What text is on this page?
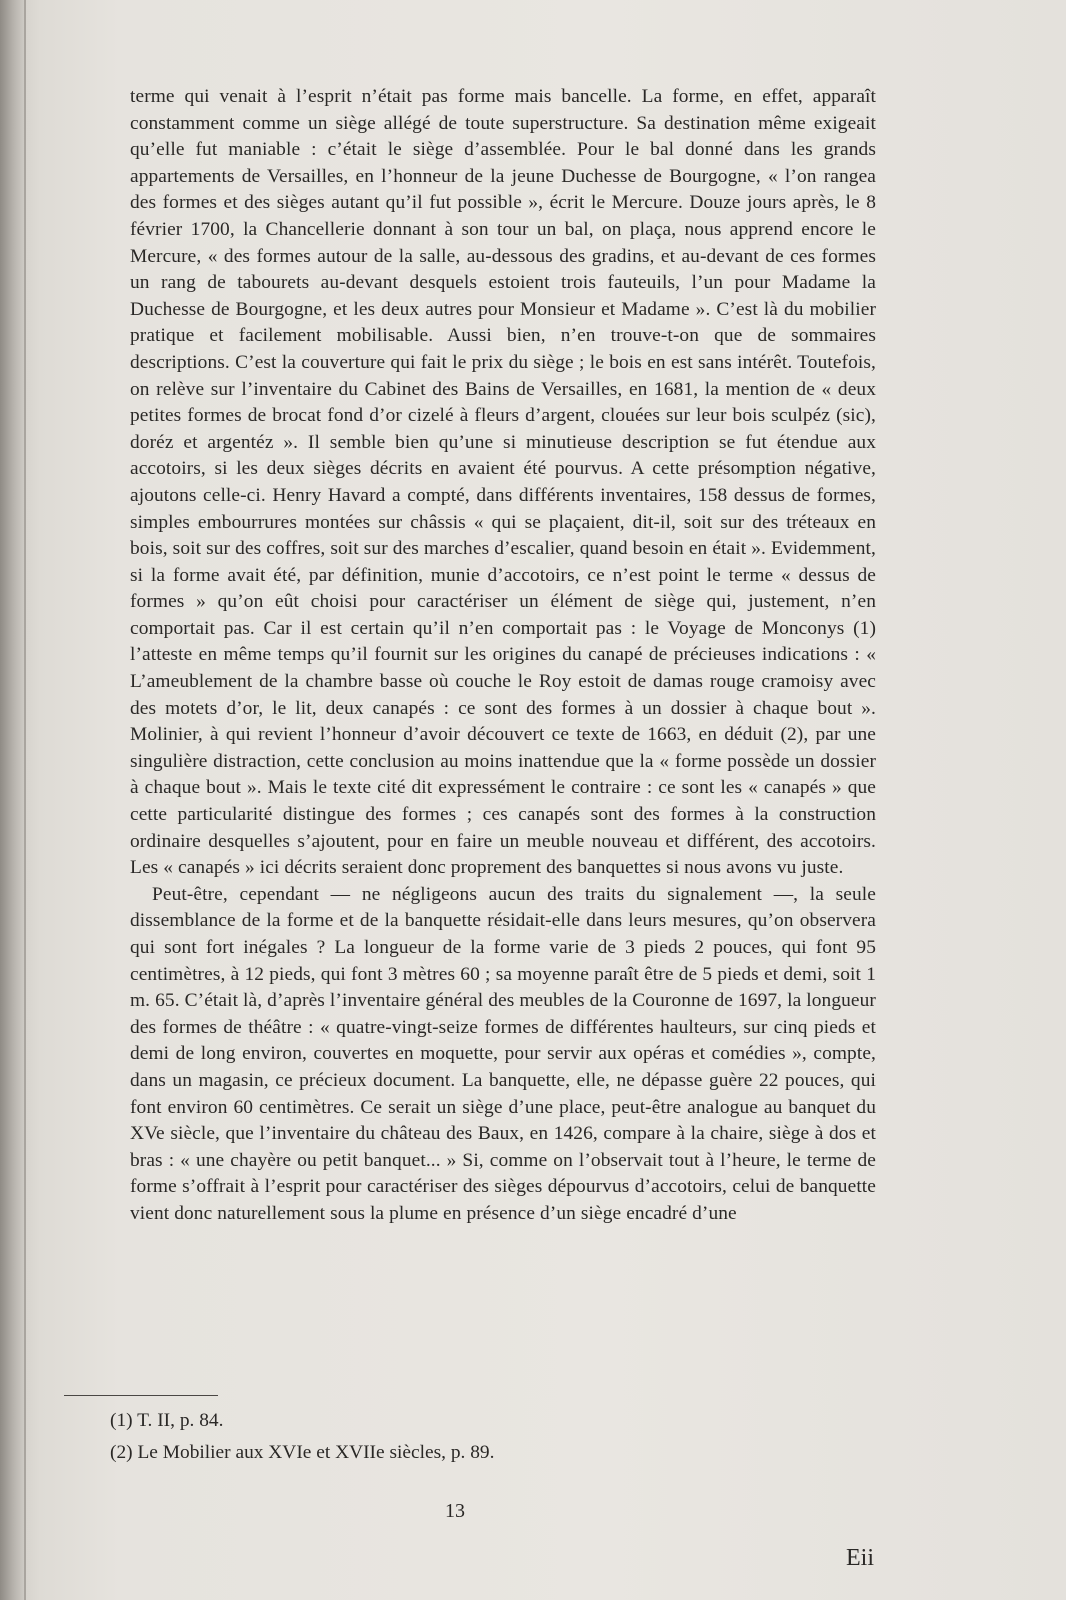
terme qui venait à l’esprit n’était pas forme mais bancelle. La forme, en effet, apparaît constamment comme un siège allégé de toute superstructure. Sa destination même exigeait qu’elle fut maniable : c’était le siège d’assemblée. Pour le bal donné dans les grands appartements de Versailles, en l’honneur de la jeune Duchesse de Bourgogne, « l’on rangea des formes et des sièges autant qu’il fut possible », écrit le Mercure. Douze jours après, le 8 février 1700, la Chancellerie donnant à son tour un bal, on plaça, nous apprend encore le Mercure, « des formes autour de la salle, au-dessous des gradins, et au-devant de ces formes un rang de tabourets au-devant desquels estoient trois fauteuils, l’un pour Madame la Duchesse de Bourgogne, et les deux autres pour Monsieur et Madame ». C’est là du mobilier pratique et facilement mobilisable. Aussi bien, n’en trouve-t-on que de sommaires descriptions. C’est la couverture qui fait le prix du siège ; le bois en est sans intérêt. Toutefois, on relève sur l’inventaire du Cabinet des Bains de Versailles, en 1681, la mention de « deux petites formes de brocat fond d’or cizelé à fleurs d’argent, clouées sur leur bois sculpéz (sic), doréz et argentéz ». Il semble bien qu’une si minutieuse description se fut étendue aux accotoirs, si les deux sièges décrits en avaient été pourvus. A cette présomption négative, ajoutons celle-ci. Henry Havard a compté, dans différents inventaires, 158 dessus de formes, simples embourrures montées sur châssis « qui se plaçaient, dit-il, soit sur des tréteaux en bois, soit sur des coffres, soit sur des marches d’escalier, quand besoin en était ». Evidemment, si la forme avait été, par définition, munie d’accotoirs, ce n’est point le terme « dessus de formes » qu’on eût choisi pour caractériser un élément de siège qui, justement, n’en comportait pas. Car il est certain qu’il n’en comportait pas : le Voyage de Monconys (1) l’atteste en même temps qu’il fournit sur les origines du canapé de précieuses indications : « L’ameublement de la chambre basse où couche le Roy estoit de damas rouge cramoisy avec des motets d’or, le lit, deux canapés : ce sont des formes à un dossier à chaque bout ». Molinier, à qui revient l’honneur d’avoir découvert ce texte de 1663, en déduit (2), par une singulière distraction, cette conclusion au moins inattendue que la « forme possède un dossier à chaque bout ». Mais le texte cité dit expressément le contraire : ce sont les « canapés » que cette particularité distingue des formes ; ces canapés sont des formes à la construction ordinaire desquelles s’ajoutent, pour en faire un meuble nouveau et différent, des accotoirs. Les « canapés » ici décrits seraient donc proprement des banquettes si nous avons vu juste.

Peut-être, cependant — ne négligeons aucun des traits du signalement —, la seule dissemblance de la forme et de la banquette résidait-elle dans leurs mesures, qu’on observera qui sont fort inégales ? La longueur de la forme varie de 3 pieds 2 pouces, qui font 95 centimètres, à 12 pieds, qui font 3 mètres 60 ; sa moyenne paraît être de 5 pieds et demi, soit 1 m. 65. C’était là, d’après l’inventaire général des meubles de la Couronne de 1697, la longueur des formes de théâtre : « quatre-vingt-seize formes de différentes haulteurs, sur cinq pieds et demi de long environ, couvertes en moquette, pour servir aux opéras et comédies », compte, dans un magasin, ce précieux document. La banquette, elle, ne dépasse guère 22 pouces, qui font environ 60 centimètres. Ce serait un siège d’une place, peut-être analogue au banquet du XVe siècle, que l’inventaire du château des Baux, en 1426, compare à la chaire, siège à dos et bras : « une chayère ou petit banquet... » Si, comme on l’observait tout à l’heure, le terme de forme s’offrait à l’esprit pour caractériser des sièges dépourvus d’accotoirs, celui de banquette vient donc naturellement sous la plume en présence d’un siège encadré d’une

(1) T. II, p. 84.
(2) Le Mobilier aux XVIe et XVIIe siècles, p. 89.
13
Eii
